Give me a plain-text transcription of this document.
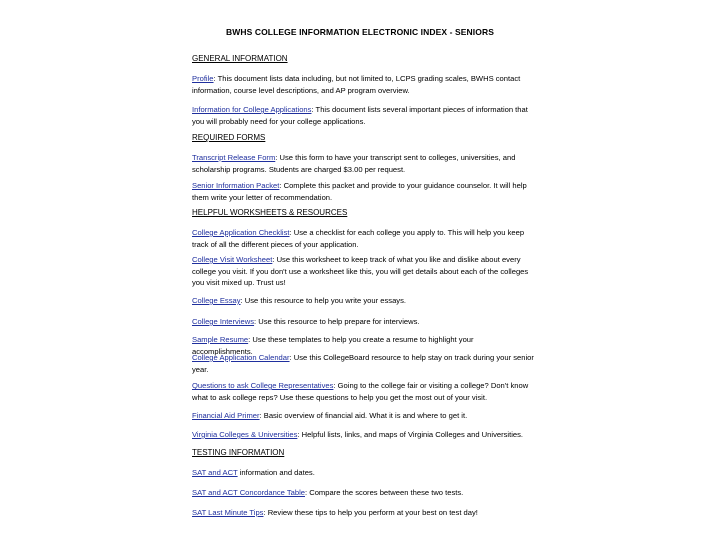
BWHS COLLEGE INFORMATION ELECTRONIC INDEX - SENIORS
GENERAL INFORMATION
Profile: This document lists data including, but not limited to, LCPS grading scales, BWHS contact information, course level descriptions, and AP program overview.
Information for College Applications: This document lists several important pieces of information that you will probably need for your college applications.
REQUIRED FORMS
Transcript Release Form: Use this form to have your transcript sent to colleges, universities, and scholarship programs. Students are charged $3.00 per request.
Senior Information Packet: Complete this packet and provide to your guidance counselor. It will help them write your letter of recommendation.
HELPFUL WORKSHEETS & RESOURCES
College Application Checklist: Use a checklist for each college you apply to. This will help you keep track of all the different pieces of your application.
College Visit Worksheet: Use this worksheet to keep track of what you like and dislike about every college you visit. If you don't use a worksheet like this, you will get details about each of the colleges you visit mixed up. Trust us!
College Essay: Use this resource to help you write your essays.
College Interviews: Use this resource to help prepare for interviews.
Sample Resume: Use these templates to help you create a resume to highlight your accomplishments.
College Application Calendar: Use this CollegeBoard resource to help stay on track during your senior year.
Questions to ask College Representatives: Going to the college fair or visiting a college? Don't know what to ask college reps? Use these questions to help you get the most out of your visit.
Financial Aid Primer: Basic overview of financial aid. What it is and where to get it.
Virginia Colleges & Universities: Helpful lists, links, and maps of Virginia Colleges and Universities.
TESTING INFORMATION
SAT and ACT information and dates.
SAT and ACT Concordance Table: Compare the scores between these two tests.
SAT Last Minute Tips: Review these tips to help you perform at your best on test day!
